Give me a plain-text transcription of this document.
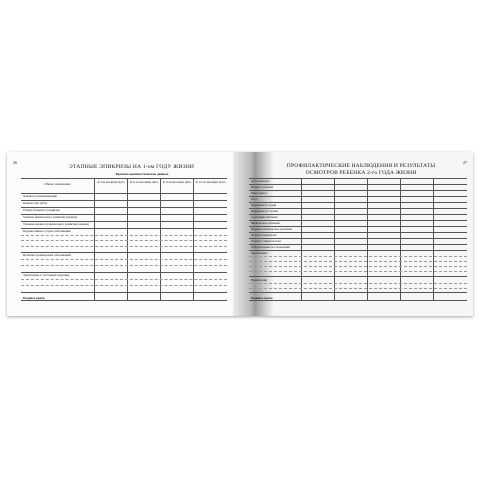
26
ЭТАПНЫЕ ЭПИКРИЗЫ НА 1-ом ГОДУ ЖИЗНИ
Краткие анамнестические данные
Общее заключение	К 3-м месяцам Дата	К 6-ти месяцам Дата К 9-ти месяцам Дата К 12-ти месяцам Дата
Характер вскармливания
Количество зубов
Размер большого родничка
Уровень физического развития (оценка)
Уровень нервно-психического развития (оценка)
Перенесенные острые заболевания
Наличие хронических заболеваний
Заключение о состоянии здоровья
Подпись врача
27
ПРОФИЛАКТИЧЕСКИЕ НАБЛЮДЕНИЯ И РЕЗУЛЬТАТЫ
ОСМОТРОВ РЕБЕНКА 2-го ГОДА ЖИЗНИ
Дата осмотра
Возраст ребенка
Масса (вес)
Рост
Окружность груди
Окружность головы
Состояние питания
Физическое развитие
Нервно-психическое развитие
Осмотр педиатром
Осмотр стоматологом
Лабораторные исследования
Заключение
Назначения
Подпись врача
